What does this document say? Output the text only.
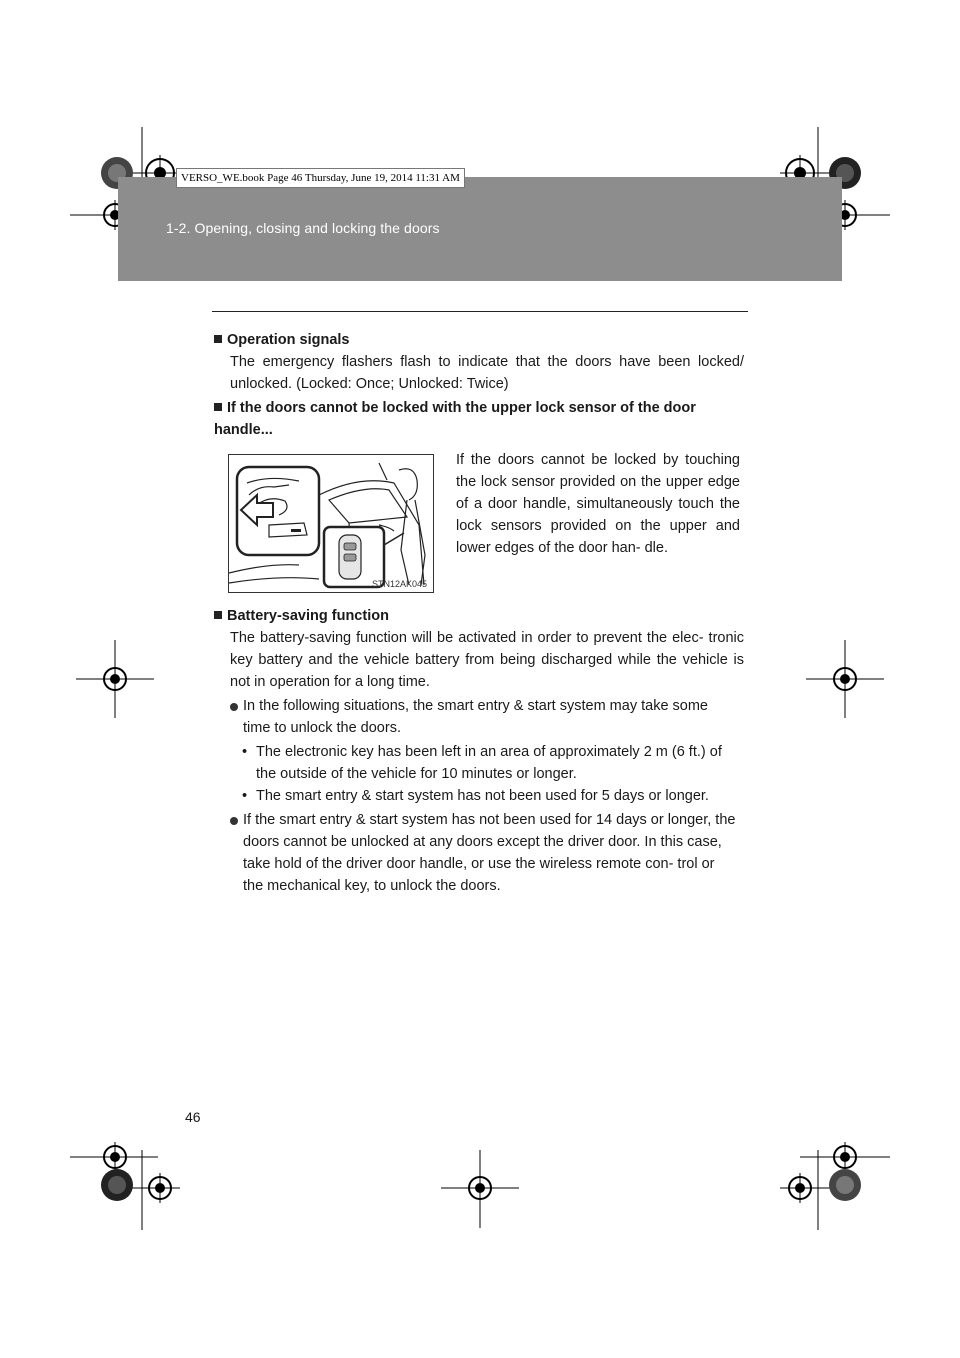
1-2. Opening, closing and locking the doors
VERSO_WE.book Page 46 Thursday, June 19, 2014 11:31 AM
Operation signals
The emergency flashers flash to indicate that the doors have been locked/ unlocked. (Locked: Once; Unlocked: Twice)
If the doors cannot be locked with the upper lock sensor of the door handle...
STN12AK045
If the doors cannot be locked by touching the lock sensor provided on the upper edge of a door handle, simultaneously touch the lock sensors provided on the upper and lower edges of the door han- dle.
Battery-saving function
The battery-saving function will be activated in order to prevent the elec- tronic key battery and the vehicle battery from being discharged while the vehicle is not in operation for a long time.
In the following situations, the smart entry & start system may take some time to unlock the doors.
• The electronic key has been left in an area of approximately 2 m (6 ft.) of the outside of the vehicle for 10 minutes or longer.
• The smart entry & start system has not been used for 5 days or longer.
If the smart entry & start system has not been used for 14 days or longer, the doors cannot be unlocked at any doors except the driver door. In this case, take hold of the driver door handle, or use the wireless remote con- trol or the mechanical key, to unlock the doors.
46
